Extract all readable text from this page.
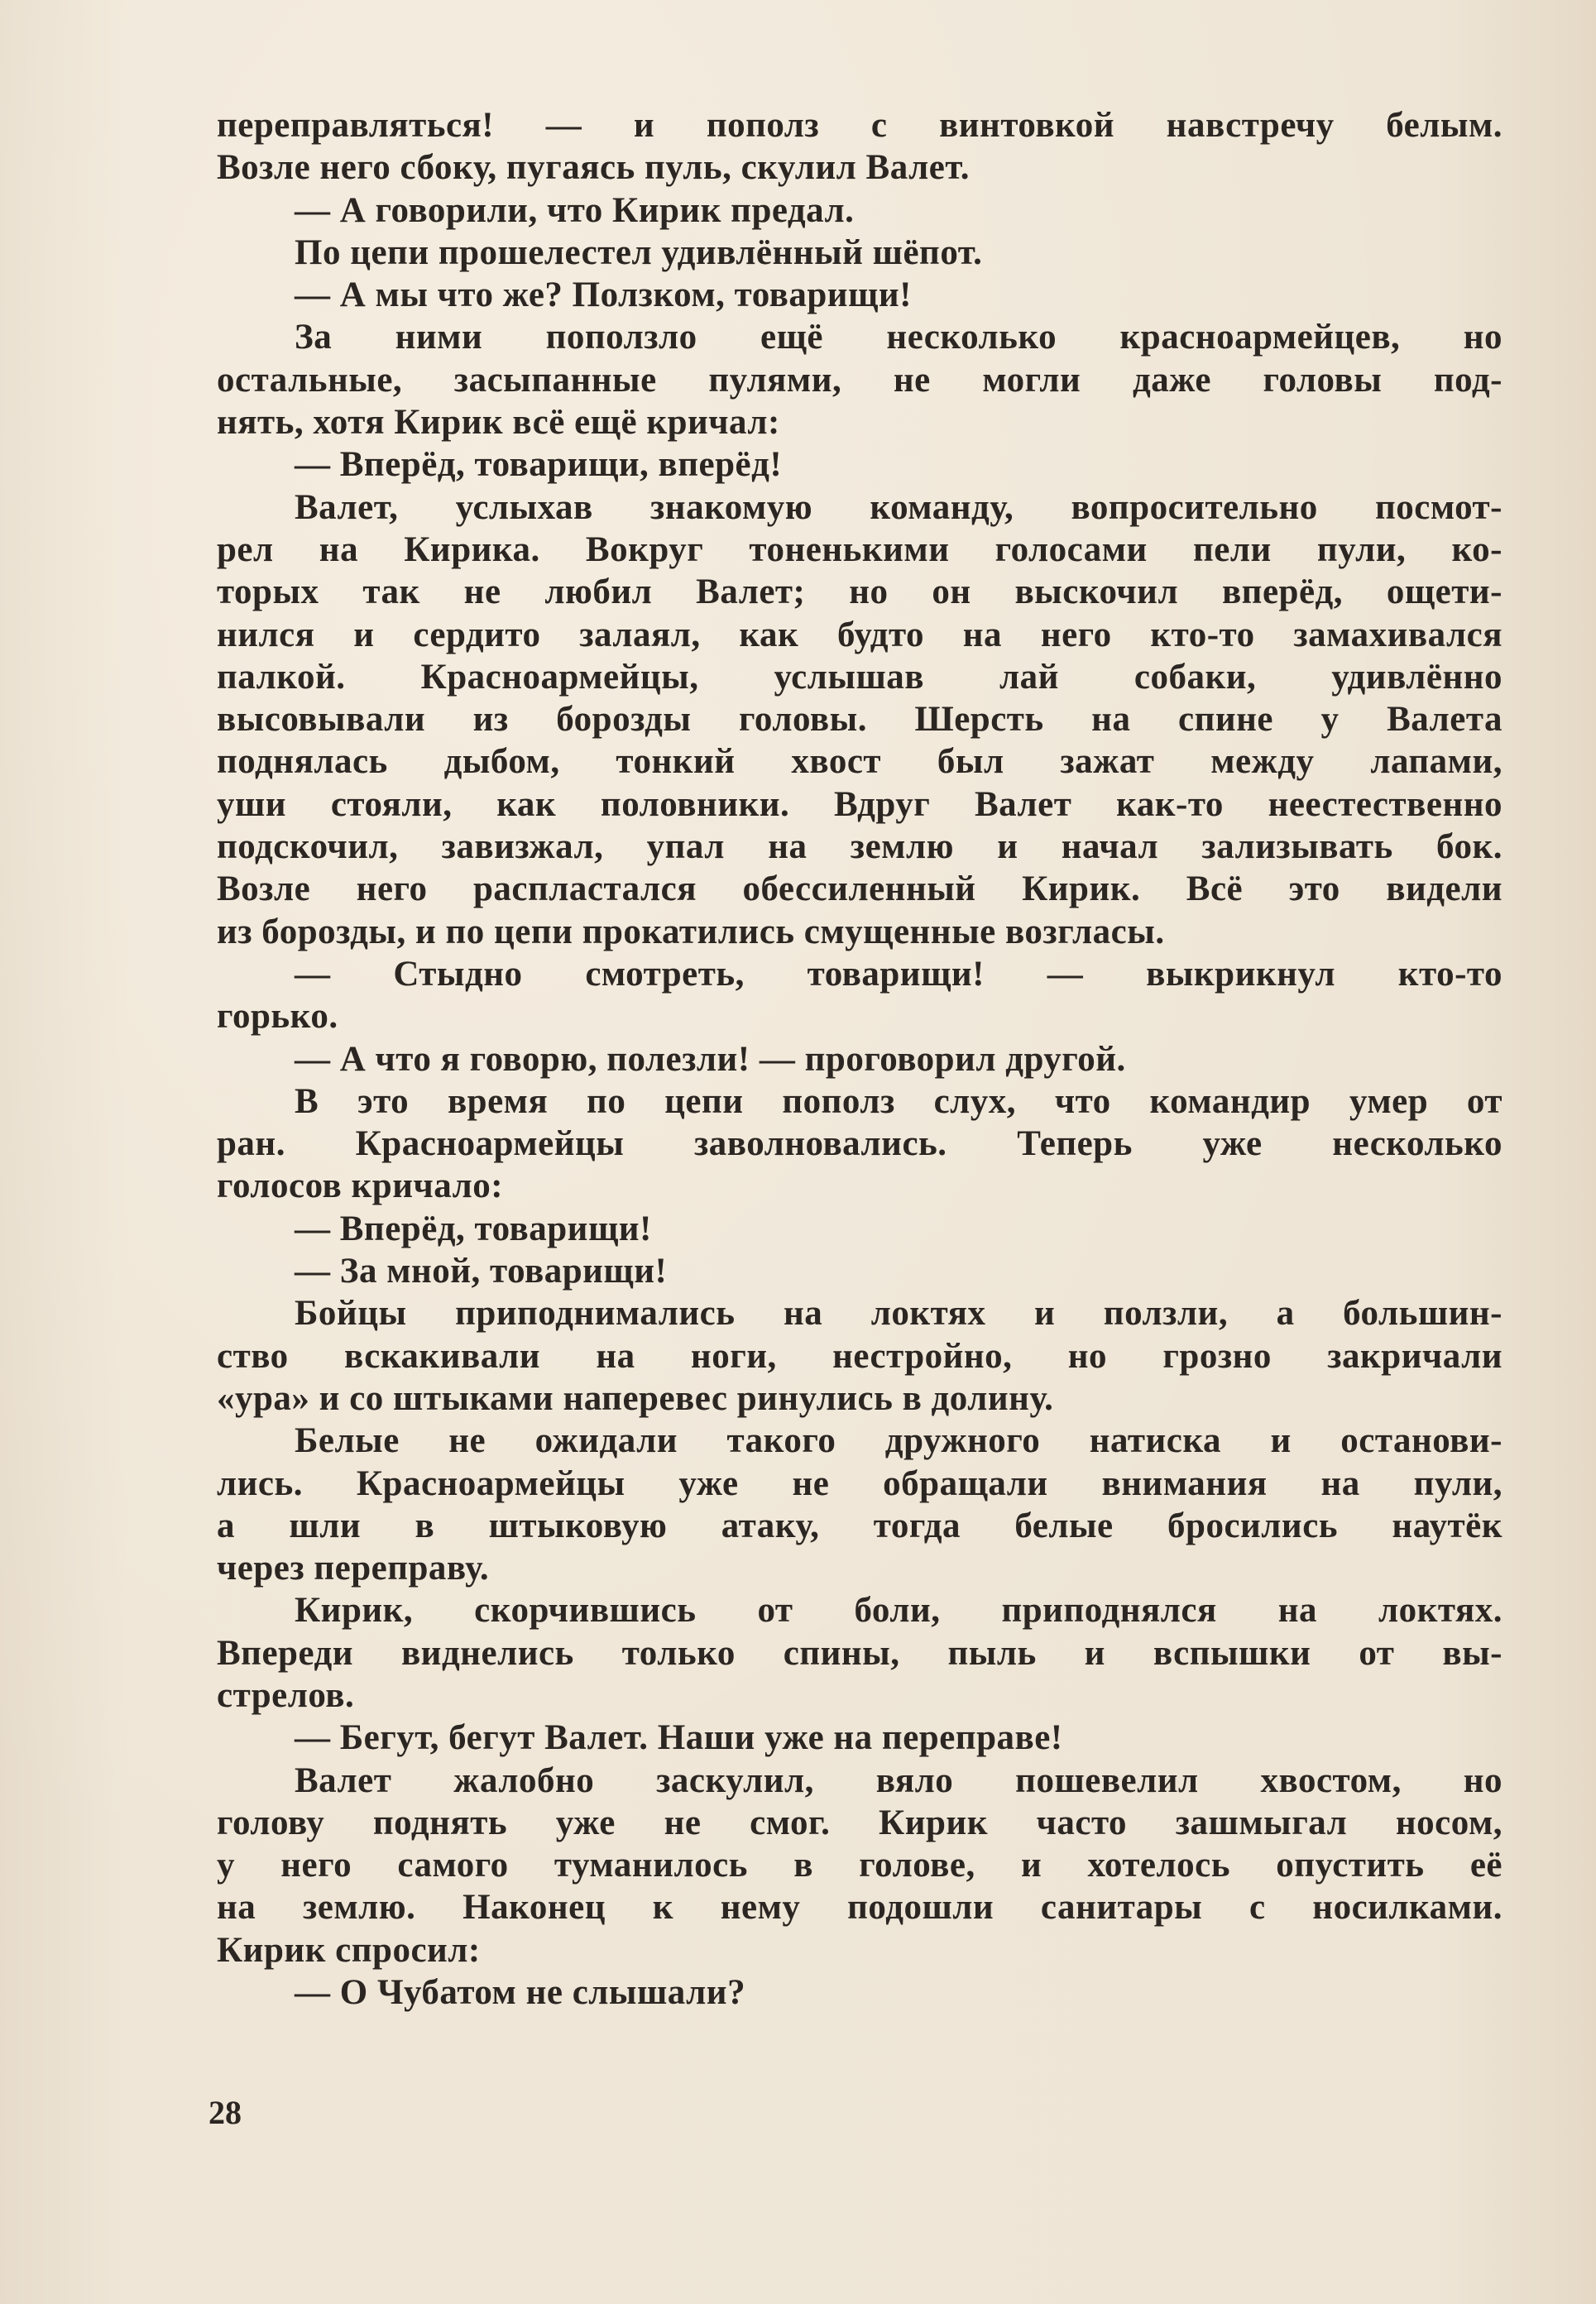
переправляться! — и пополз с винтовкой навстречу белым.
Возле него сбоку, пугаясь пуль, скулил Валет.
— А говорили, что Кирик предал.
По цепи прошелестел удивлённый шёпот.
— А мы что же? Ползком, товарищи!
За ними поползло ещё несколько красноармейцев, но
остальные, засыпанные пулями, не могли даже головы под-
нять, хотя Кирик всё ещё кричал:
— Вперёд, товарищи, вперёд!
Валет, услыхав знакомую команду, вопросительно посмот-
рел на Кирика. Вокруг тоненькими голосами пели пули, ко-
торых так не любил Валет; но он выскочил вперёд, ощети-
нился и сердито залаял, как будто на него кто-то замахивался
палкой. Красноармейцы, услышав лай собаки, удивлённо
высовывали из борозды головы. Шерсть на спине у Валета
поднялась дыбом, тонкий хвост был зажат между лапами,
уши стояли, как половники. Вдруг Валет как-то неестественно
подскочил, завизжал, упал на землю и начал зализывать бок.
Возле него распластался обессиленный Кирик. Всё это видели
из борозды, и по цепи прокатились смущенные возгласы.
— Стыдно смотреть, товарищи! — выкрикнул кто-то
горько.
— А что я говорю, полезли! — проговорил другой.
В это время по цепи пополз слух, что командир умер от
ран. Красноармейцы заволновались. Теперь уже несколько
голосов кричало:
— Вперёд, товарищи!
— За мной, товарищи!
Бойцы приподнимались на локтях и ползли, а большин-
ство вскакивали на ноги, нестройно, но грозно закричали
«ура» и со штыками наперевес ринулись в долину.
Белые не ожидали такого дружного натиска и останови-
лись. Красноармейцы уже не обращали внимания на пули,
а шли в штыковую атаку, тогда белые бросились наутёк
через переправу.
Кирик, скорчившись от боли, приподнялся на локтях.
Впереди виднелись только спины, пыль и вспышки от вы-
стрелов.
— Бегут, бегут Валет. Наши уже на переправе!
Валет жалобно заскулил, вяло пошевелил хвостом, но
голову поднять уже не смог. Кирик часто зашмыгал носом,
у него самого туманилось в голове, и хотелось опустить её
на землю. Наконец к нему подошли санитары с носилками.
Кирик спросил:
— О Чубатом не слышали?
28
